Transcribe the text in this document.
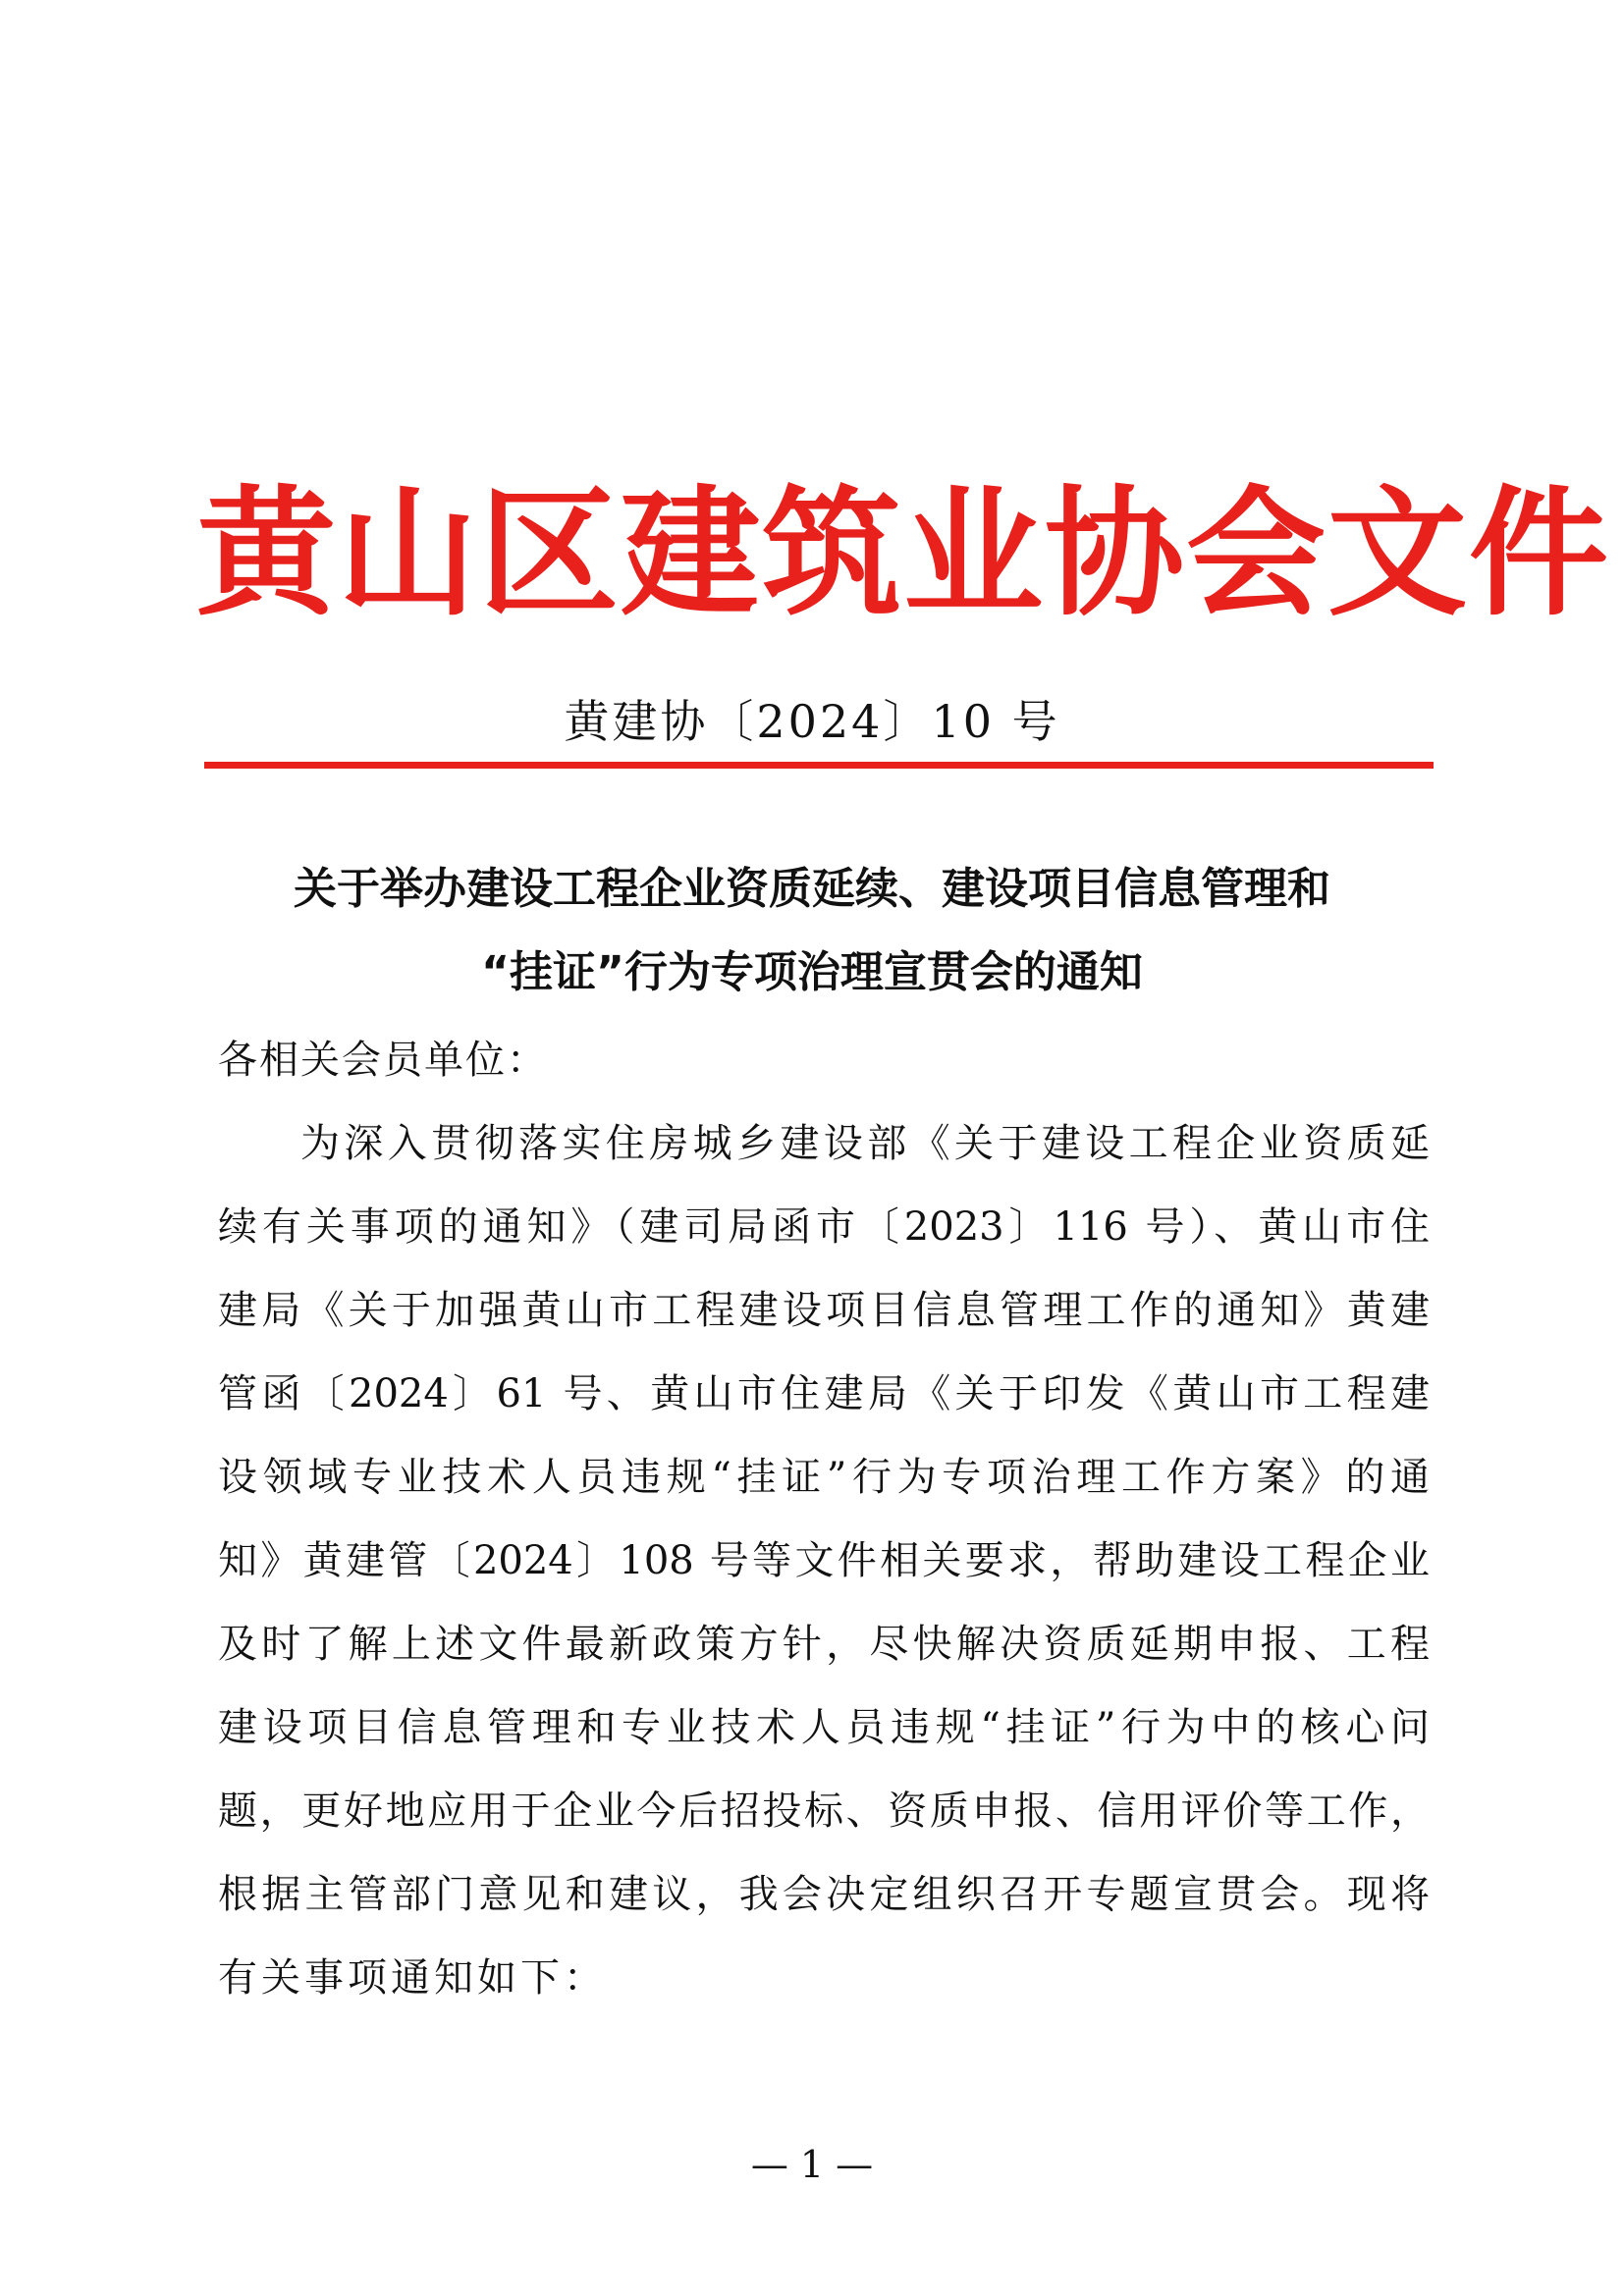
黄山区建筑业协会文件
黄建协〔2024〕10 号
关于举办建设工程企业资质延续、建设项目信息管理和
“挂证”行为专项治理宣贯会的通知
各相关会员单位：
为深入贯彻落实住房城乡建设部《关于建设工程企业资质延
续有关事项的通知》（建司局函市〔2023〕116 号）、黄山市住
建局《关于加强黄山市工程建设项目信息管理工作的通知》黄建
管函〔2024〕61 号、黄山市住建局《关于印发《黄山市工程建
设领域专业技术人员违规“挂证”行为专项治理工作方案》的通
知》黄建管〔2024〕108 号等文件相关要求，帮助建设工程企业
及时了解上述文件最新政策方针，尽快解决资质延期申报、工程
建设项目信息管理和专业技术人员违规“挂证”行为中的核心问
题，更好地应用于企业今后招投标、资质申报、信用评价等工作，
根据主管部门意见和建议，我会决定组织召开专题宣贯会。现将
有关事项通知如下：
— 1 —
